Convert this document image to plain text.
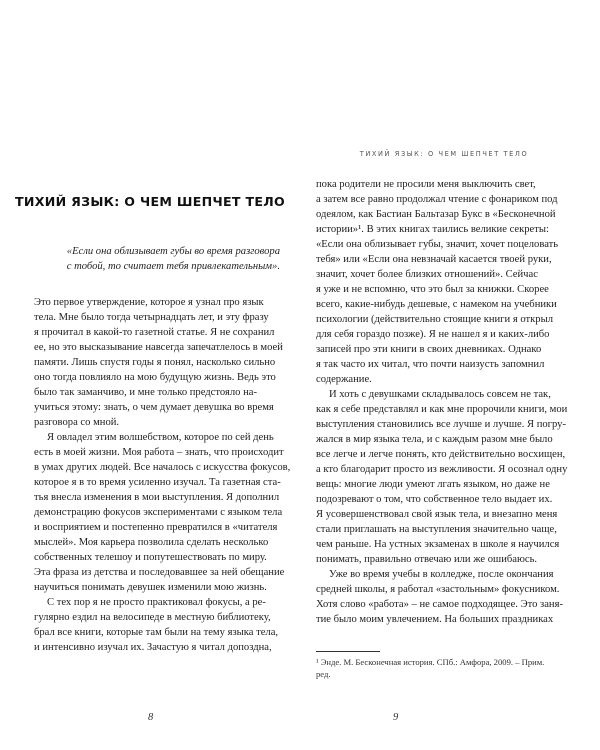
ТИХИЙ ЯЗЫК: О ЧЕМ ШЕПЧЕТ ТЕЛО
«Если она облизывает губы во время разговора
с тобой, то считает тебя привлекательным».
Это первое утверждение, которое я узнал про язык
тела. Мне было тогда четырнадцать лет, и эту фразу
я прочитал в какой-то газетной статье. Я не сохранил
ее, но это высказывание навсегда запечатлелось в моей
памяти. Лишь спустя годы я понял, насколько сильно
оно тогда повлияло на мою будущую жизнь. Ведь это
было так заманчиво, и мне только предстояло на-
учиться этому: знать, о чем думает девушка во время
разговора со мной.
Я овладел этим волшебством, которое по сей день
есть в моей жизни. Моя работа – знать, что происходит
в умах других людей. Все началось с искусства фокусов,
которое я в то время усиленно изучал. Та газетная ста-
тья внесла изменения в мои выступления. Я дополнил
демонстрацию фокусов экспериментами с языком тела
и восприятием и постепенно превратился в «читателя
мыслей». Моя карьера позволила сделать несколько
собственных телешоу и попутешествовать по миру.
Эта фраза из детства и последовавшее за ней обещание
научиться понимать девушек изменили мою жизнь.
С тех пор я не просто практиковал фокусы, а ре-
гулярно ездил на велосипеде в местную библиотеку,
брал все книги, которые там были на тему языка тела,
и интенсивно изучал их. Зачастую я читал допоздна,
8
ТИХИЙ ЯЗЫК: О ЧЕМ ШЕПЧЕТ ТЕЛО
пока родители не просили меня выключить свет,
а затем все равно продолжал чтение с фонариком под
одеялом, как Бастиан Бальтазар Букс в «Бесконечной
истории»¹. В этих книгах таились великие секреты:
«Если она облизывает губы, значит, хочет поцеловать
тебя» или «Если она невзначай касается твоей руки,
значит, хочет более близких отношений». Сейчас
я уже и не вспомню, что это был за книжки. Скорее
всего, какие-нибудь дешевые, с намеком на учебники
психологии (действительно стоящие книги я открыл
для себя гораздо позже). Я не нашел я и каких-либо
записей про эти книги в своих дневниках. Однако
я так часто их читал, что почти наизусть запомнил
содержание.
И хоть с девушками складывалось совсем не так,
как я себе представлял и как мне пророчили книги, мои
выступления становились все лучше и лучше. Я погру-
жался в мир языка тела, и с каждым разом мне было
все легче и легче понять, кто действительно восхищен,
а кто благодарит просто из вежливости. Я осознал одну
вещь: многие люди умеют лгать языком, но даже не
подозревают о том, что собственное тело выдает их.
Я усовершенствовал свой язык тела, и внезапно меня
стали приглашать на выступления значительно чаще,
чем раньше. На устных экзаменах в школе я научился
понимать, правильно отвечаю или же ошибаюсь.
Уже во время учебы в колледже, после окончания
средней школы, я работал «застольным» фокусником.
Хотя слово «работа» – не самое подходящее. Это заня-
тие было моим увлечением. На больших праздниках
¹ Энде. М. Бесконечная история. СПб.: Амфора, 2009. – Прим.
ред.
9
